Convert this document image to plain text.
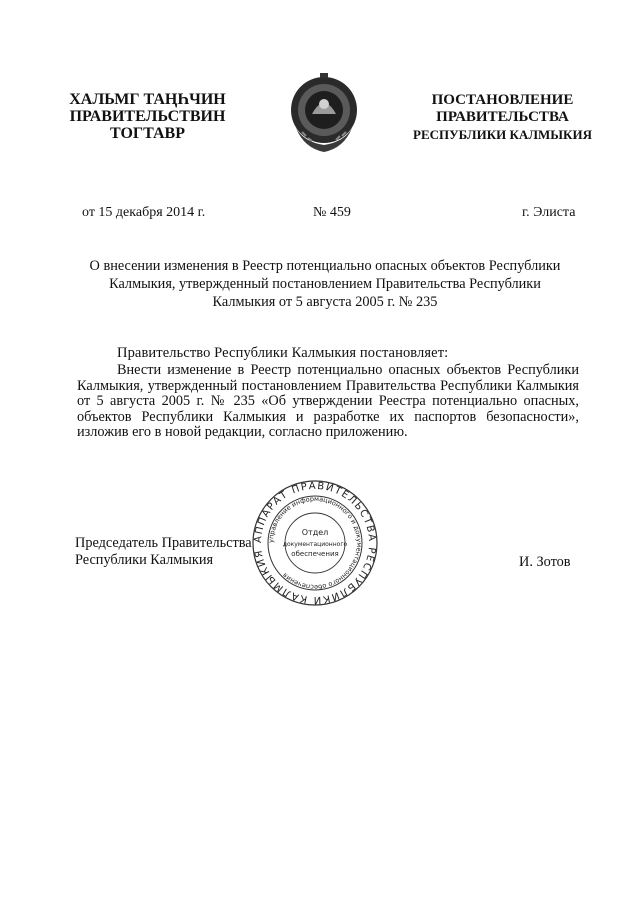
ХАЛЬМГ ТАҢҺЧИН
ПРАВИТЕЛЬСТВИН
ТОГТАВР
ПОСТАНОВЛЕНИЕ
ПРАВИТЕЛЬСТВА
РЕСПУБЛИКИ КАЛМЫКИЯ
от 15 декабря 2014 г.	№ 459	г. Элиста
О внесении изменения в Реестр потенциально опасных объектов Республики
Калмыкия, утвержденный постановлением Правительства Республики
Калмыкия от 5 августа 2005 г. № 235
Правительство Республики Калмыкия постановляет:
Внести изменение в Реестр потенциально опасных объектов Республики Калмыкия, утвержденный постановлением Правительства Республики Калмыкия от 5 августа 2005 г. № 235 «Об утверждении Реестра потенциально опасных, объектов Республики Калмыкия и разработке их паспортов безопасности», изложив его в новой редакции, согласно приложению.
Председатель Правительства
Республики Калмыкия	И. Зотов
АППАРАТ ПРАВИТЕЛЬСТВА РЕСПУБЛИКИ КАЛМЫКИЯ
управление информационного и документационного обеспечения
Отдел
документационного
обеспечения
